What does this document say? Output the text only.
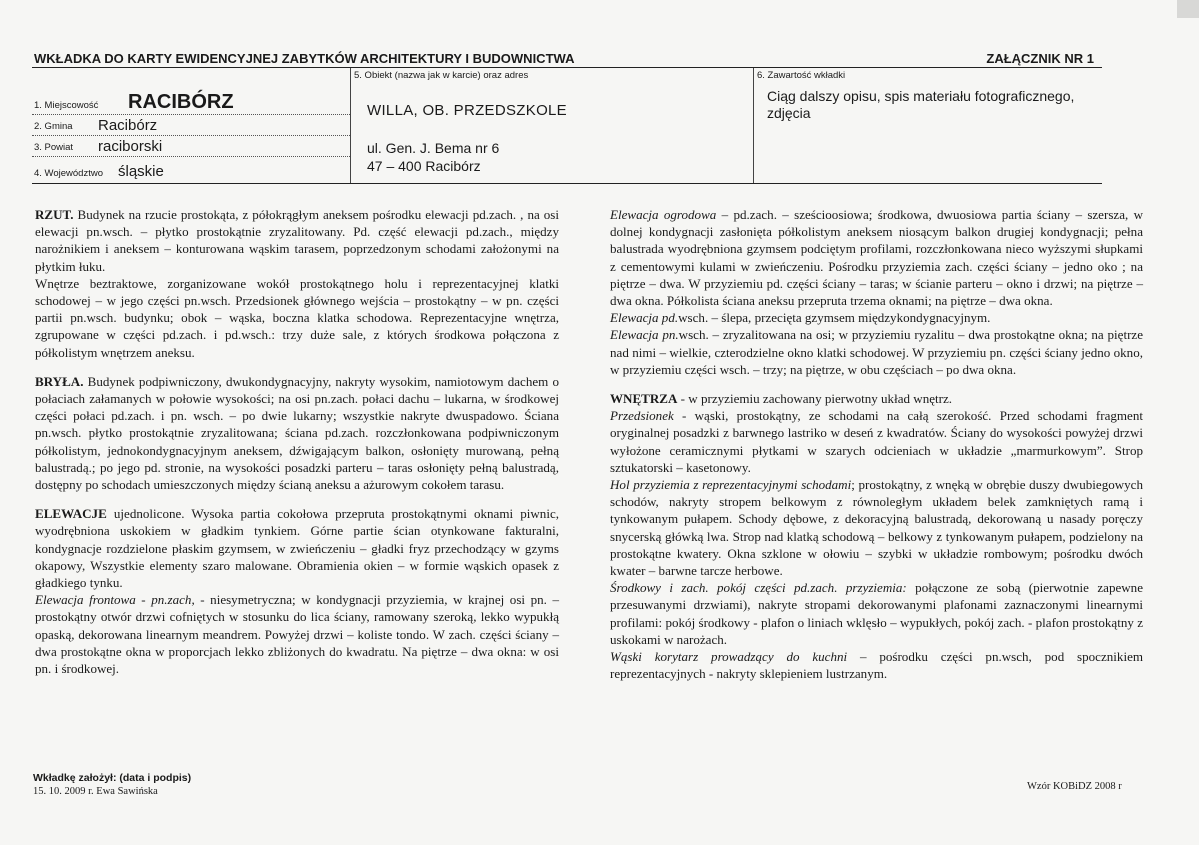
WKŁADKA DO KARTY EWIDENCYJNEJ ZABYTKÓW ARCHITEKTURY I BUDOWNICTWA	ZAŁĄCZNIK NR 1
1. Miejscowość RACIBÓRZ
2. Gmina Racibórz
3. Powiat raciborski
4. Województwo śląskie
5. Obiekt (nazwa jak w karcie) oraz adres
WILLA, OB. PRZEDSZKOLE
ul. Gen. J. Bema nr 6
47 – 400 Racibórz
6. Zawartość wkładki
Ciąg dalszy opisu, spis materiału fotograficznego, zdjęcia

RZUT. Budynek na rzucie prostokąta, z półokrągłym aneksem pośrodku elewacji pd.zach. , na osi elewacji pn.wsch. – płytko prostokątnie zryzalitowany. Pd. część elewacji pd.zach., między narożnikiem i aneksem – konturowana wąskim tarasem, poprzedzonym schodami założonymi na płytkim łuku.

Wnętrze beztraktowe, zorganizowane wokół prostokątnego holu i reprezentacyjnej klatki schodowej – w jego części pn.wsch. Przedsionek głównego wejścia – prostokątny – w pn. części partii pn.wsch. budynku; obok – wąska, boczna klatka schodowa. Reprezentacyjne wnętrza, zgrupowane w części pd.zach. i pd.wsch.: trzy duże sale, z których środkowa połączona z półkolistym wnętrzem aneksu.

BRYŁA. Budynek podpiwniczony, dwukondygnacyjny, nakryty wysokim, namiotowym dachem o połaciach załamanych w połowie wysokości; na osi pn.zach. połaci dachu – lukarna, w środkowej części połaci pd.zach. i pn. wsch. – po dwie lukarny; wszystkie nakryte dwuspadowo. Ściana pn.wsch. płytko prostokątnie zryzalitowana; ściana pd.zach. rozczłonkowana podpiwniczonym półkolistym, jednokondygnacyjnym aneksem, dźwigającym balkon, osłonięty murowaną, pełną balustradą.; po jego pd. stronie, na wysokości posadzki parteru – taras osłonięty pełną balustradą, dostępny po schodach umieszczonych między ścianą aneksu a ażurowym cokołem tarasu.

ELEWACJE ujednolicone. Wysoka partia cokołowa przepruta prostokątnymi oknami piwnic, wyodrębniona uskokiem w gładkim tynkiem. Górne partie ścian otynkowane fakturalni, kondygnacje rozdzielone płaskim gzymsem, w zwieńczeniu – gładki fryz przechodzący w gzyms okapowy, Wszystkie elementy szaro malowane. Obramienia okien – w formie wąskich opasek z gładkiego tynku.

Elewacja frontowa - pn.zach, - niesymetryczna; w kondygnacji przyziemia, w krajnej osi pn. – prostokątny otwór drzwi cofniętych w stosunku do lica ściany, ramowany szeroką, lekko wypukłą opaską, dekorowana linearnym meandrem. Powyżej drzwi – koliste tondo. W zach. części ściany – dwa prostokątne okna w proporcjach lekko zbliżonych do kwadratu. Na piętrze – dwa okna: w osi pn. i środkowej.

Elewacja ogrodowa – pd.zach. – sześcioosiowa; środkowa, dwuosiowa partia ściany – szersza, w dolnej kondygnacji zasłonięta półkolistym aneksem niosącym balkon drugiej kondygnacji; pełna balustrada wyodrębniona gzymsem podciętym profilami, rozczłonkowana nieco wyższymi słupkami z cementowymi kulami w zwieńczeniu. Pośrodku przyziemia zach. części ściany – jedno oko ; na piętrze – dwa. W przyziemiu pd. części ściany – taras; w ścianie parteru – okno i drzwi; na piętrze – dwa okna. Półkolista ściana aneksu przepruta trzema oknami; na piętrze – dwa okna.

Elewacja pd.wsch. – ślepa, przecięta gzymsem międzykondygnacyjnym.

Elewacja pn.wsch. – zryzalitowana na osi; w przyziemiu ryzalitu – dwa prostokątne okna; na piętrze nad nimi – wielkie, czterodzielne okno klatki schodowej. W przyziemiu pn. części ściany jedno okno, w przyziemiu części wsch. – trzy; na piętrze, w obu częściach – po dwa okna.

WNĘTRZA - w przyziemiu zachowany pierwotny układ wnętrz.

Przedsionek - wąski, prostokątny, ze schodami na całą szerokość. Przed schodami fragment oryginalnej posadzki z barwnego lastriko w deseń z kwadratów. Ściany do wysokości powyżej drzwi wyłożone ceramicznymi płytkami w szarych odcieniach w układzie „marmurkowym”. Strop sztukatorski – kasetonowy.

Hol przyziemia z reprezentacyjnymi schodami; prostokątny, z wnęką w obrębie duszy dwubiegowych schodów, nakryty stropem belkowym z równoległym układem belek zamkniętych ramą i tynkowanym pułapem. Schody dębowe, z dekoracyjną balustradą, dekorowaną u nasady poręczy snycerską główką lwa. Strop nad klatką schodową – belkowy z tynkowanym pułapem, podzielony na prostokątne kwatery. Okna szklone w ołowiu – szybki w układzie rombowym; pośrodku dwóch kwater – barwne tarcze herbowe.

Środkowy i zach. pokój części pd.zach. przyziemia: połączone ze sobą (pierwotnie zapewne przesuwanymi drzwiami), nakryte stropami dekorowanymi plafonami zaznaczonymi linearnymi profilami: pokój środkowy - plafon o liniach wklęsło – wypukłych, pokój zach. - plafon prostokątny z uskokami w narożach.

Wąski korytarz prowadzący do kuchni – pośrodku części pn.wsch, pod spocznikiem reprezentacyjnych - nakryty sklepieniem lustrzanym.

Wkładkę założył: (data i podpis)
15. 10. 2009 r. Ewa Sawińska	Wzór KOBiDZ 2008 r
